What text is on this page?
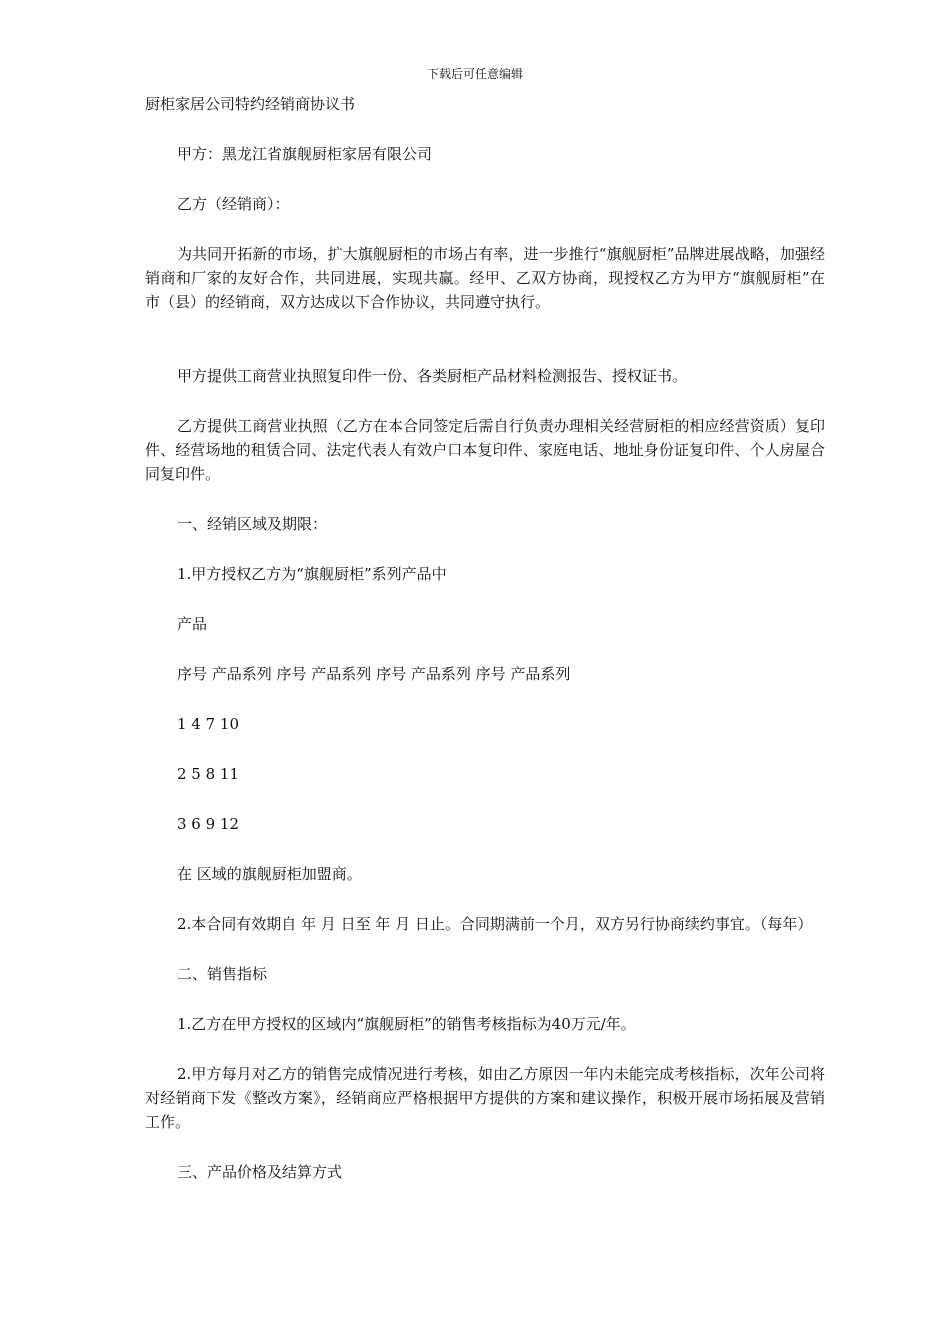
下载后可任意编辑

厨柜家居公司特约经销商协议书

甲方：黑龙江省旗舰厨柜家居有限公司

乙方（经销商）：

为共同开拓新的市场，扩大旗舰厨柜的市场占有率，进一步推行“旗舰厨柜”品牌进展战略，加强经销商和厂家的友好合作，共同进展，实现共赢。经甲、乙双方协商，现授权乙方为甲方“旗舰厨柜”在 市（县）的经销商，双方达成以下合作协议，共同遵守执行。

甲方提供工商营业执照复印件一份、各类厨柜产品材料检测报告、授权证书。

乙方提供工商营业执照（乙方在本合同签定后需自行负责办理相关经营厨柜的相应经营资质）复印件、经营场地的租赁合同、法定代表人有效户口本复印件、家庭电话、地址身份证复印件、个人房屋合同复印件。

一、经销区域及期限：

1.甲方授权乙方为“旗舰厨柜”系列产品中

产品

序号 产品系列 序号 产品系列 序号 产品系列 序号 产品系列

1 4 7 10

2 5 8 11

3 6 9 12

在 区域的旗舰厨柜加盟商。

2.本合同有效期自 年 月 日至 年 月 日止。合同期满前一个月，双方另行协商续约事宜。（每年）

二、销售指标

1.乙方在甲方授权的区域内“旗舰厨柜”的销售考核指标为40万元/年。

2.甲方每月对乙方的销售完成情况进行考核，如由乙方原因一年内未能完成考核指标，次年公司将对经销商下发《整改方案》，经销商应严格根据甲方提供的方案和建议操作，积极开展市场拓展及营销工作。

三、产品价格及结算方式
